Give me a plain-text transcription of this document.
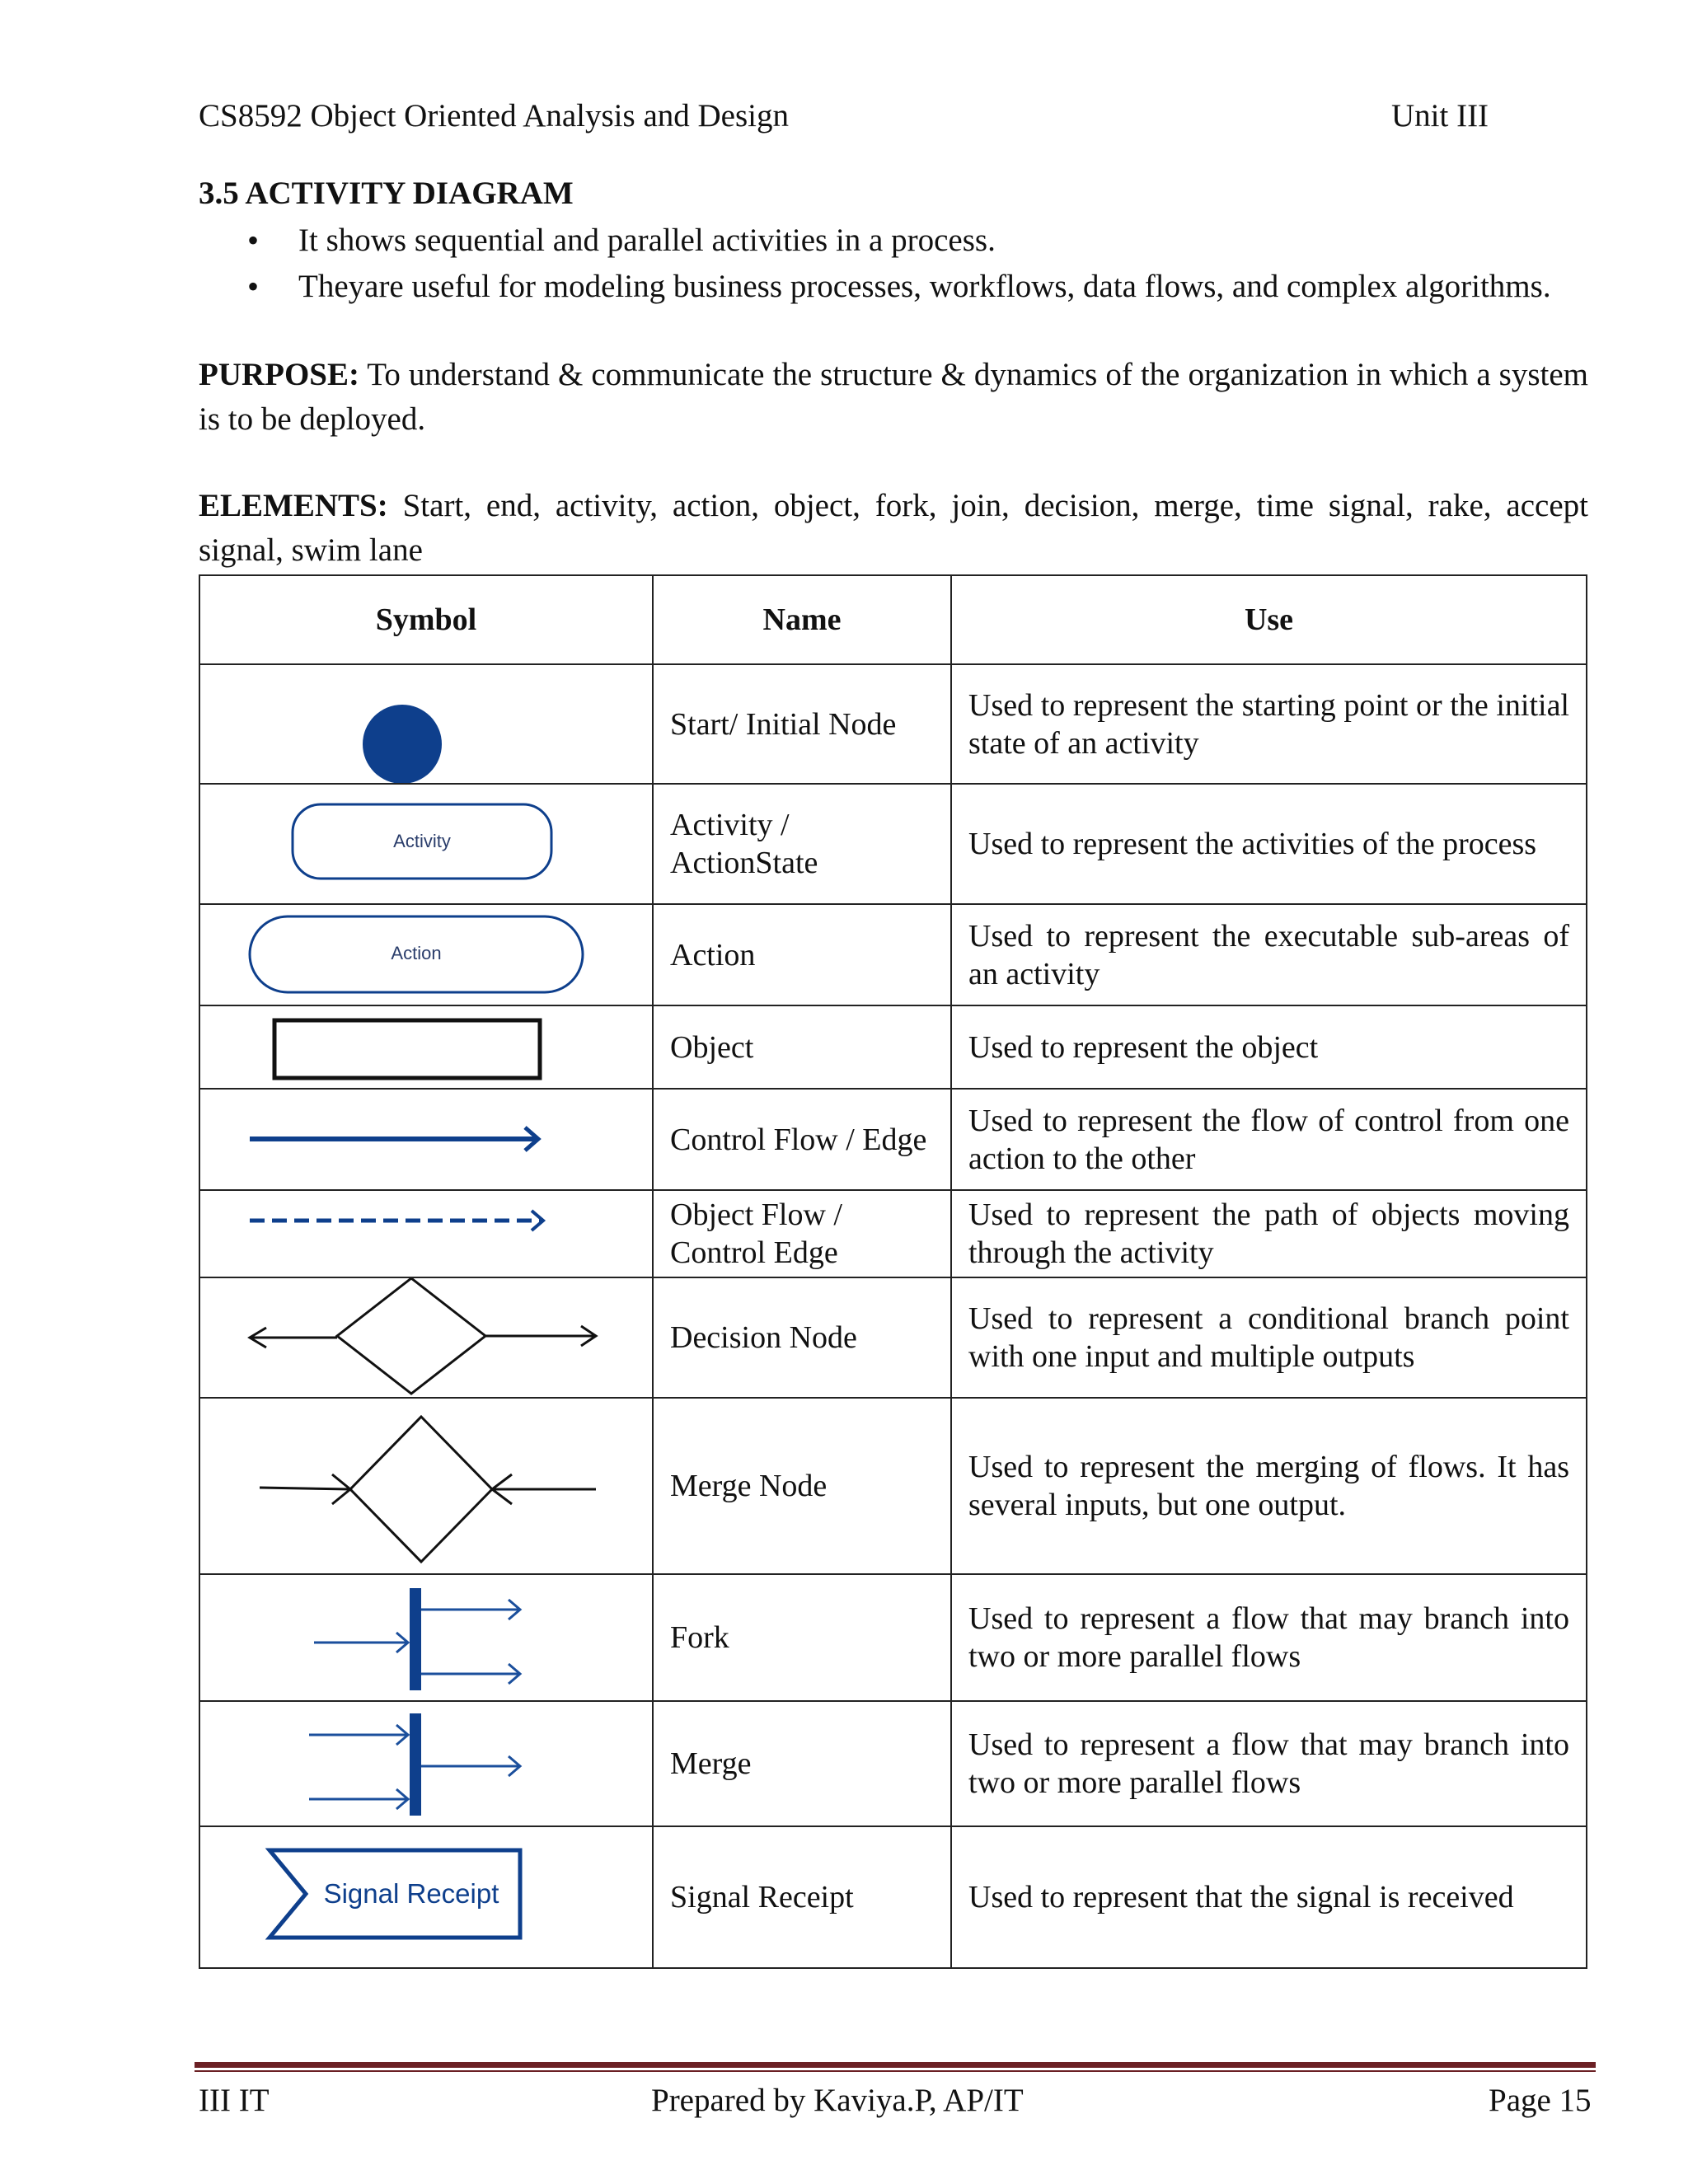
CS8592 Object Oriented Analysis and Design	Unit III
3.5 ACTIVITY DIAGRAM
• It shows sequential and parallel activities in a process.
• Theyare useful for modeling business processes, workflows, data flows, and complex algorithms.
PURPOSE: To understand & communicate the structure & dynamics of the organization in which a system is to be deployed.
ELEMENTS: Start, end, activity, action, object, fork, join, decision, merge, time signal, rake, accept signal, swim lane
Symbol	Name	Use

	Start/ Initial Node	Used to represent the starting point or the initial state of an activity

Activity	Activity / ActionState	Used to represent the activities of the process

Action	Action	Used to represent the executable sub-areas of an activity

	Object	Used to represent the object

	Control Flow / Edge	Used to represent the flow of control from one action to the other

	Object Flow / Control Edge	Used to represent the path of objects moving through the activity

	Decision Node	Used to represent a conditional branch point with one input and multiple outputs

	Merge Node	Used to represent the merging of flows. It has several inputs, but one output.

	Fork	Used to represent a flow that may branch into two or more parallel flows

	Merge	Used to represent a flow that may branch into two or more parallel flows

Signal Receipt	Signal Receipt	Used to represent that the signal is received
III IT	Prepared by Kaviya.P, AP/IT	Page 15
